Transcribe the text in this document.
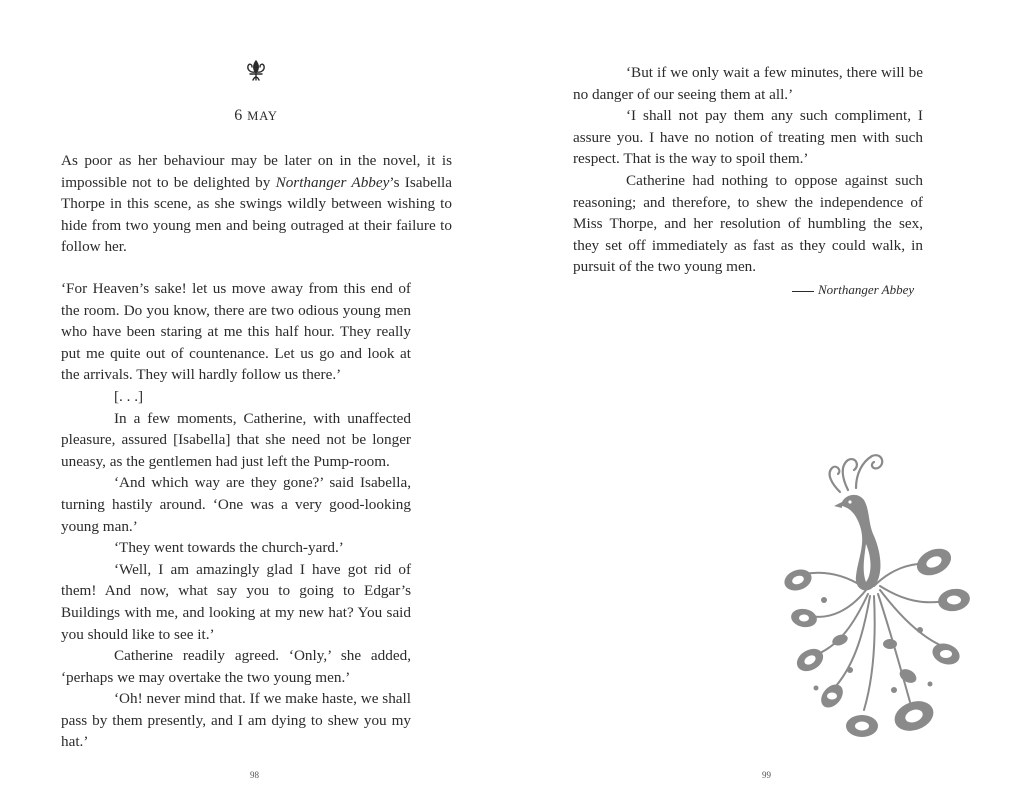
6 MAY

As poor as her behaviour may be later on in the novel, it is impossible not to be delighted by Northanger Abbey’s Isabella Thorpe in this scene, as she swings wildly between wishing to hide from two young men and being outraged at their failure to follow her.

‘For Heaven’s sake! let us move away from this end of the room. Do you know, there are two odious young men who have been staring at me this half hour. They really put me quite out of countenance. Let us go and look at the arrivals. They will hardly follow us there.’

[. . .]

In a few moments, Catherine, with unaffected pleasure, assured [Isabella] that she need not be longer uneasy, as the gentlemen had just left the Pump-room.

‘And which way are they gone?’ said Isabella, turning hastily around. ‘One was a very good-looking young man.’

‘They went towards the church-yard.’

‘Well, I am amazingly glad I have got rid of them! And now, what say you to going to Edgar’s Buildings with me, and looking at my new hat? You said you should like to see it.’

Catherine readily agreed. ‘Only,’ she added, ‘perhaps we may overtake the two young men.’

‘Oh! never mind that. If we make haste, we shall pass by them presently, and I am dying to shew you my hat.’

98

‘But if we only wait a few minutes, there will be no danger of our seeing them at all.’

‘I shall not pay them any such compliment, I assure you. I have no notion of treating men with such respect. That is the way to spoil them.’

Catherine had nothing to oppose against such reasoning; and therefore, to shew the independence of Miss Thorpe, and her resolution of humbling the sex, they set off immediately as fast as they could walk, in pursuit of the two young men.

Northanger Abbey
99
